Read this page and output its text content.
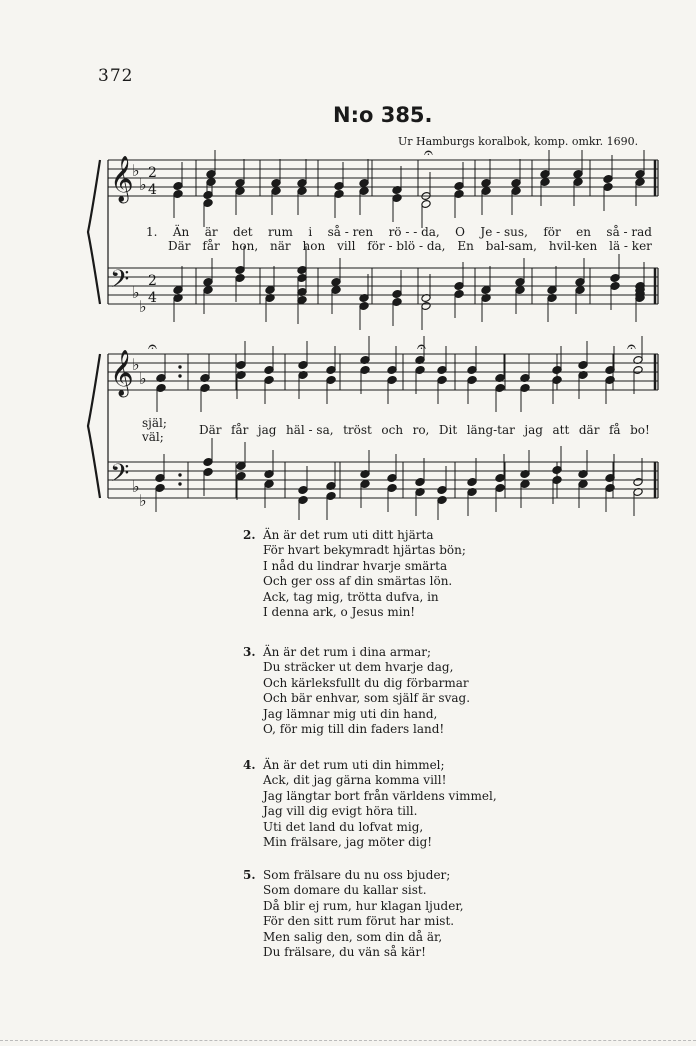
372
N:o 385.
Ur Hamburgs koralbok, komp. omkr. 1690.
𝄞
𝄢
♭
♭
♭
♭
2
4
2
4
𝄞
𝄢
♭
♭
♭
♭
𝄐
𝄐	𝄐	𝄐
1. Än är det rum i så - ren rö - - da, O Je - sus, för en så - rad
Där får hon, när hon vill för - blö - da, En bal-sam, hvil-ken lä - ker
själ;
väl;	Där får jag häl - sa, tröst och ro, Dit läng-tar jag att där få bo!
2. Än är det rum uti ditt hjärta
För hvart bekymradt hjärtas bön;
I nåd du lindrar hvarje smärta
Och ger oss af din smärtas lön.
Ack, tag mig, trötta dufva, in
I denna ark, o Jesus min!
3. Än är det rum i dina armar;
Du sträcker ut dem hvarje dag,
Och kärleksfullt du dig förbarmar
Och bär enhvar, som själf är svag.
Jag lämnar mig uti din hand,
O, för mig till din faders land!
4. Än är det rum uti din himmel;
Ack, dit jag gärna komma vill!
Jag längtar bort från världens vimmel,
Jag vill dig evigt höra till.
Uti det land du lofvat mig,
Min frälsare, jag möter dig!
5. Som frälsare du nu oss bjuder;
Som domare du kallar sist.
Då blir ej rum, hur klagan ljuder,
För den sitt rum förut har mist.
Men salig den, som din då är,
Du frälsare, du vän så kär!
